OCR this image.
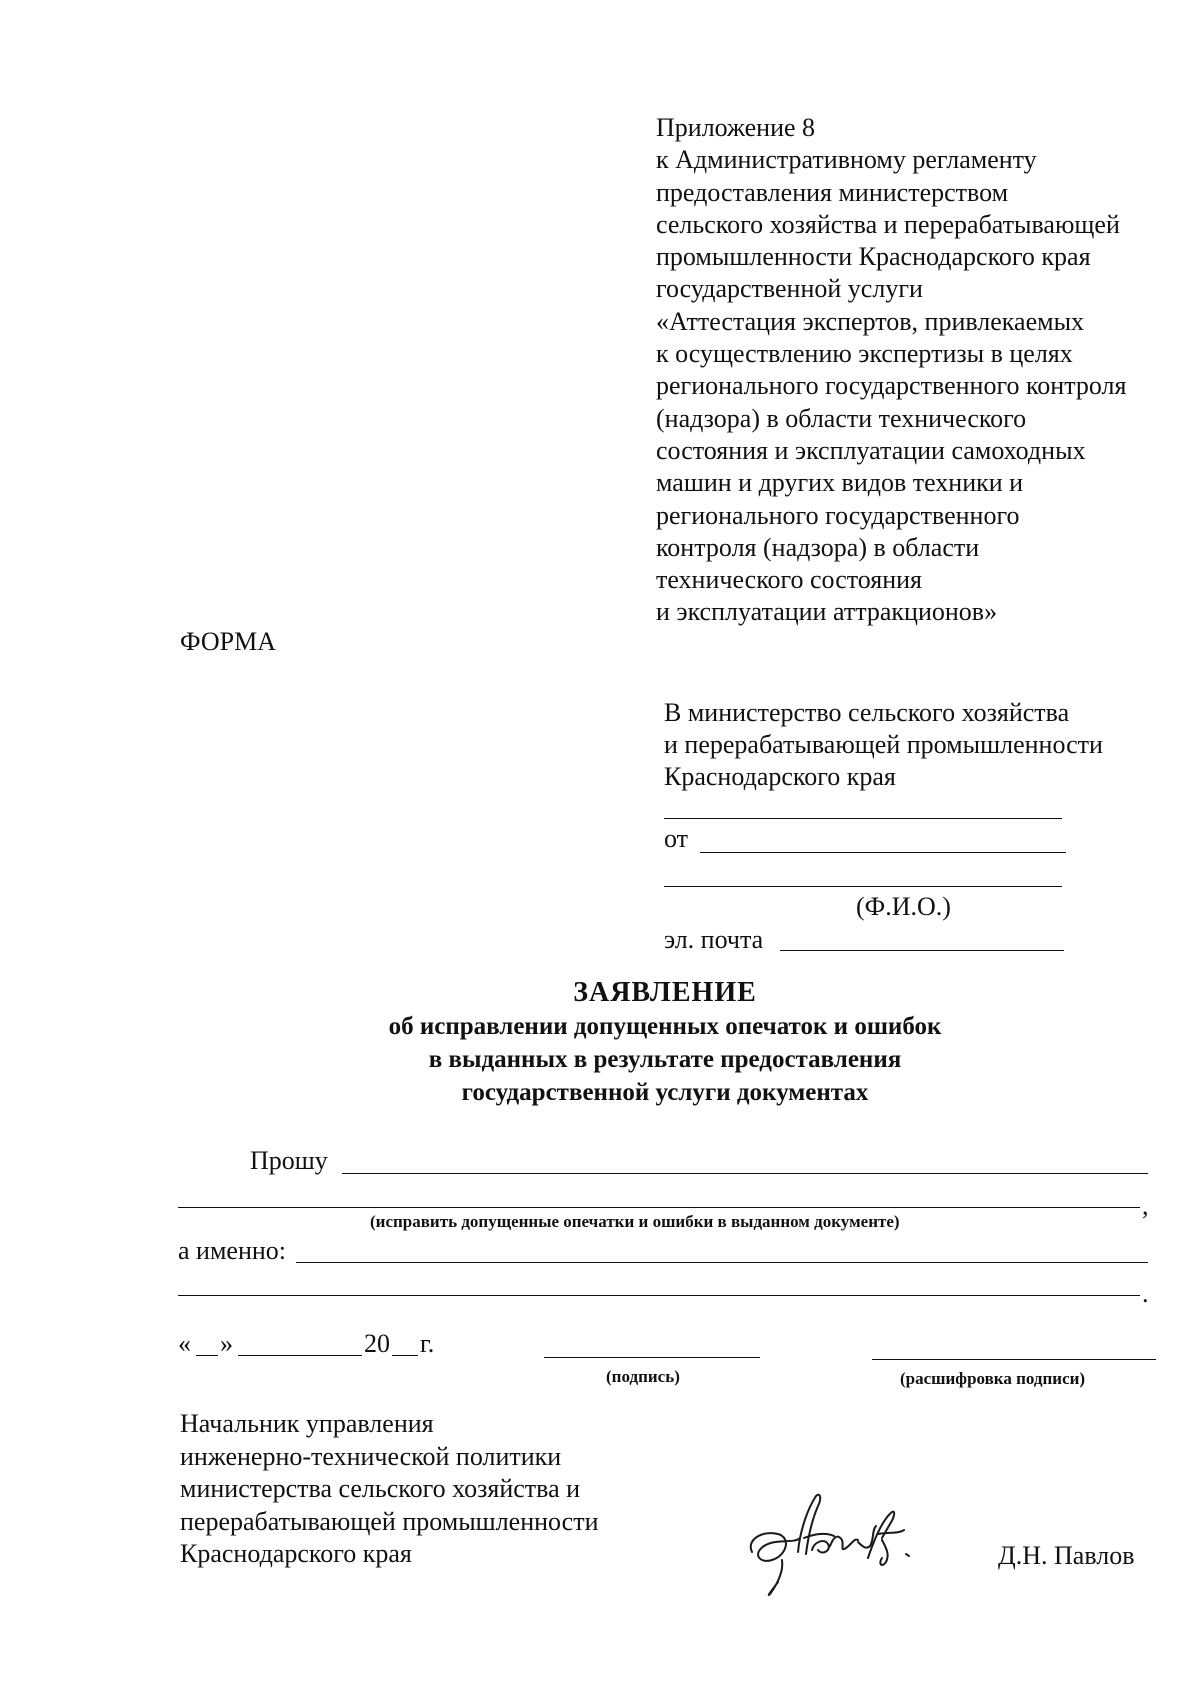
Приложение 8
к Административному регламенту
предоставления министерством
сельского хозяйства и перерабатывающей
промышленности Краснодарского края
государственной услуги
«Аттестация экспертов, привлекаемых
к осуществлению экспертизы в целях
регионального государственного контроля
(надзора) в области технического
состояния и эксплуатации самоходных
машин и других видов техники и
регионального государственного
контроля (надзора) в области
технического состояния
и эксплуатации аттракционов»
ФОРМА
В министерство сельского хозяйства
и перерабатывающей промышленности
Краснодарского края
от
(Ф.И.О.)
эл. почта
ЗАЯВЛЕНИЕ
об исправлении допущенных опечаток и ошибок
в выданных в результате предоставления
государственной услуги документах
Прошу
,
(исправить допущенные опечатки и ошибки в выданном документе)
а именно:
.
« »	20 г.
(подпись)	(расшифровка подписи)
Начальник управления
инженерно-технической политики
министерства сельского хозяйства и
перерабатывающей промышленности
Краснодарского края	Д.Н. Павлов
